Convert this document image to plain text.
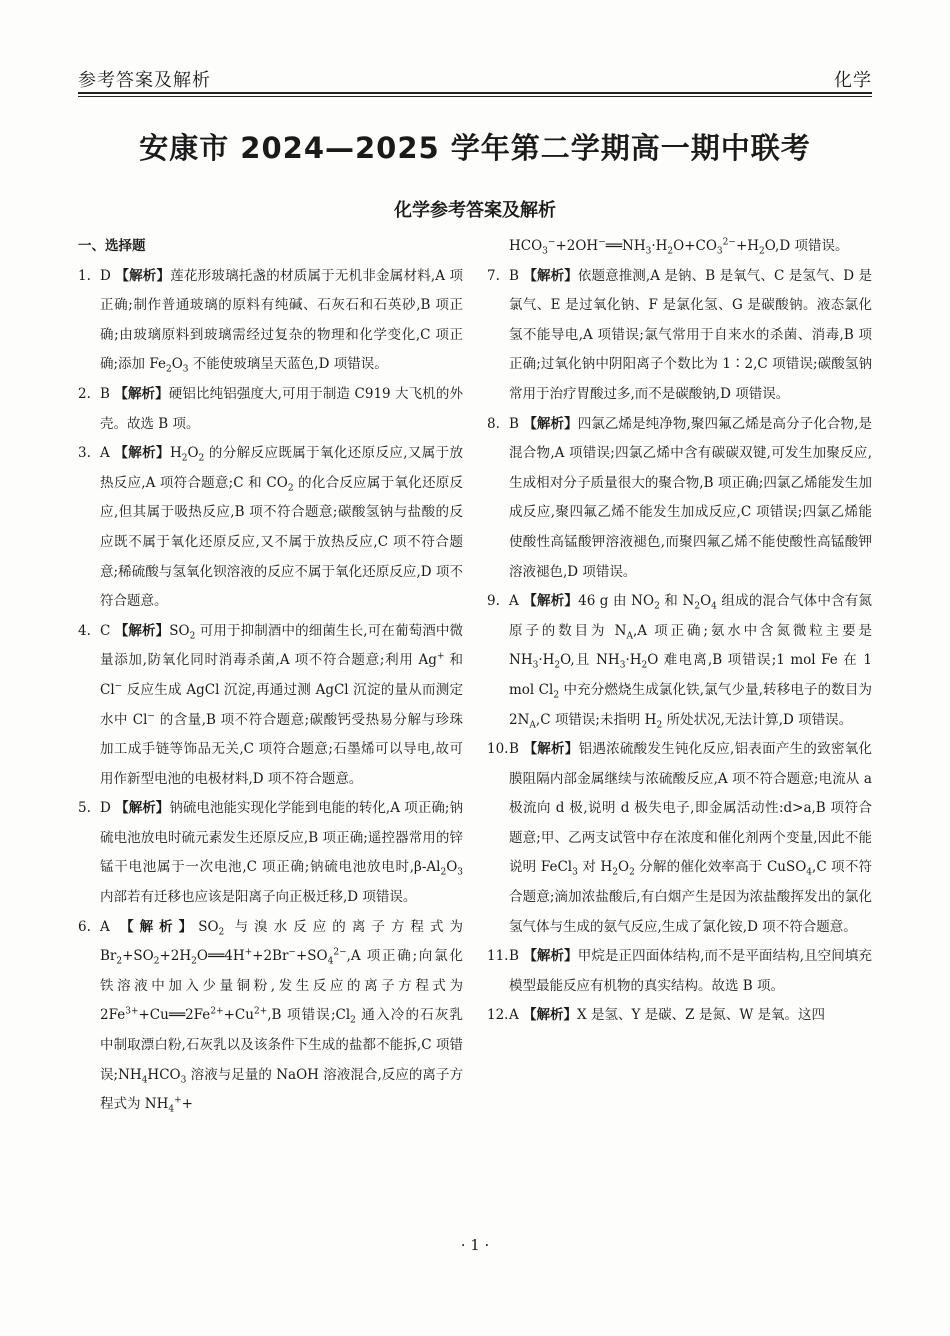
参考答案及解析	化学
安康市 2024—2025 学年第二学期高一期中联考
化学参考答案及解析
一、选择题
1. D 【解析】莲花形玻璃托盏的材质属于无机非金属材料,A 项正确;制作普通玻璃的原料有纯碱、石灰石和石英砂,B 项正确;由玻璃原料到玻璃需经过复杂的物理和化学变化,C 项正确;添加 $Fe_2O_3$ 不能使玻璃呈天蓝色,D 项错误。
2. B 【解析】硬铝比纯铝强度大,可用于制造 C919 大飞机的外壳。故选 B 项。
3. A 【解析】$H_2O_2$ 的分解反应既属于氧化还原反应,又属于放热反应,A 项符合题意;C 和 $CO_2$ 的化合反应属于氧化还原反应,但其属于吸热反应,B 项不符合题意;碳酸氢钠与盐酸的反应既不属于氧化还原反应,又不属于放热反应,C 项不符合题意;稀硫酸与氢氧化钡溶液的反应不属于氧化还原反应,D 项不符合题意。
4. C 【解析】$SO_2$ 可用于抑制酒中的细菌生长,可在葡萄酒中微量添加,防氧化同时消毒杀菌,A 项不符合题意;利用 Ag+ 和 Cl− 反应生成 AgCl 沉淀,再通过测 AgCl 沉淀的量从而测定水中 Cl− 的含量,B 项不符合题意;碳酸钙受热易分解与珍珠加工成手链等饰品无关,C 项符合题意;石墨烯可以导电,故可用作新型电池的电极材料,D 项不符合题意。
5. D 【解析】钠硫电池能实现化学能到电能的转化,A 项正确;钠硫电池放电时硫元素发生还原反应,B 项正确;遥控器常用的锌锰干电池属于一次电池,C 项正确;钠硫电池放电时$,\beta-Al_2O_3$ 内部若有迁移也应该是阳离子向正极迁移,D 项错误。
6. A 【解析】$SO_2$ 与溴水反应的离子方程式为 $Br_2+SO_2+2H_2O══4H^++2Br^-+SO_4^{2-},A$ 项正确;向氯化铁溶液中加入少量铜粉,发生反应的离子方程式为 $2Fe^{3+}+Cu══2Fe^{2+}+Cu^{2+},B$ 项错误$;Cl_2$ 通入冷的石灰乳中制取漂白粉,石灰乳以及该条件下生成的盐都不能拆,C 项错误$;NH_4HCO_3$ 溶液与足量的 NaOH 溶液混合,反应的离子方程式为 $NH_4^++$
$HCO_3^-+2OH^-══NH_3\cdot H_2O+CO_3^{2-}+H_2O,D$ 项错误。
7. B 【解析】依题意推测,A 是钠、B 是氧气、C 是氢气、D 是氯气、E 是过氧化钠、F 是氯化氢、G 是碳酸钠。液态氯化氢不能导电,A 项错误;氯气常用于自来水的杀菌、消毒,B 项正确;过氧化钠中阴阳离子个数比为 1∶2,C 项错误;碳酸氢钠常用于治疗胃酸过多,而不是碳酸钠,D 项错误。
8. B 【解析】四氯乙烯是纯净物,聚四氟乙烯是高分子化合物,是混合物,A 项错误;四氯乙烯中含有碳碳双键,可发生加聚反应,生成相对分子质量很大的聚合物,B 项正确;四氯乙烯能发生加成反应,聚四氟乙烯不能发生加成反应,C 项错误;四氯乙烯能使酸性高锰酸钾溶液褪色,而聚四氟乙烯不能使酸性高锰酸钾溶液褪色,D 项错误。
9. A 【解析】46 g 由 $NO_2$ 和 $N_2O_4$ 组成的混合气体中含有氮原子的数目为 $N_A,A$ 项正确;氨水中含氮微粒主要是 $NH_3\cdot H_2O$,且 $NH_3\cdot H_2O$ 难电离,B 项错误;1 mol Fe 在 1 mol $Cl_2$ 中充分燃烧生成氯化铁,氯气少量,转移电子的数目为 $2N_A,C$ 项错误;未指明 $H_2$ 所处状况,无法计算,D 项错误。
10.B 【解析】铝遇浓硫酸发生钝化反应,铝表面产生的致密氧化膜阻隔内部金属继续与浓硫酸反应,A 项不符合题意;电流从 a 极流向 d 极,说明 d 极失电子,即金属活动性:d>a,B 项符合题意;甲、乙两支试管中存在浓度和催化剂两个变量,因此不能说明 FeCl$_3$ 对 $H_2O_2$ 分解的催化效率高于 CuSO$_4$,C 项不符合题意;滴加浓盐酸后,有白烟产生是因为浓盐酸挥发出的氯化氢气体与生成的氨气反应,生成了氯化铵,D 项不符合题意。
11.B 【解析】甲烷是正四面体结构,而不是平面结构,且空间填充模型最能反应有机物的真实结构。故选 B 项。
12.A 【解析】X 是氢、Y 是碳、Z 是氮、W 是氧。这四
· 1 ·
